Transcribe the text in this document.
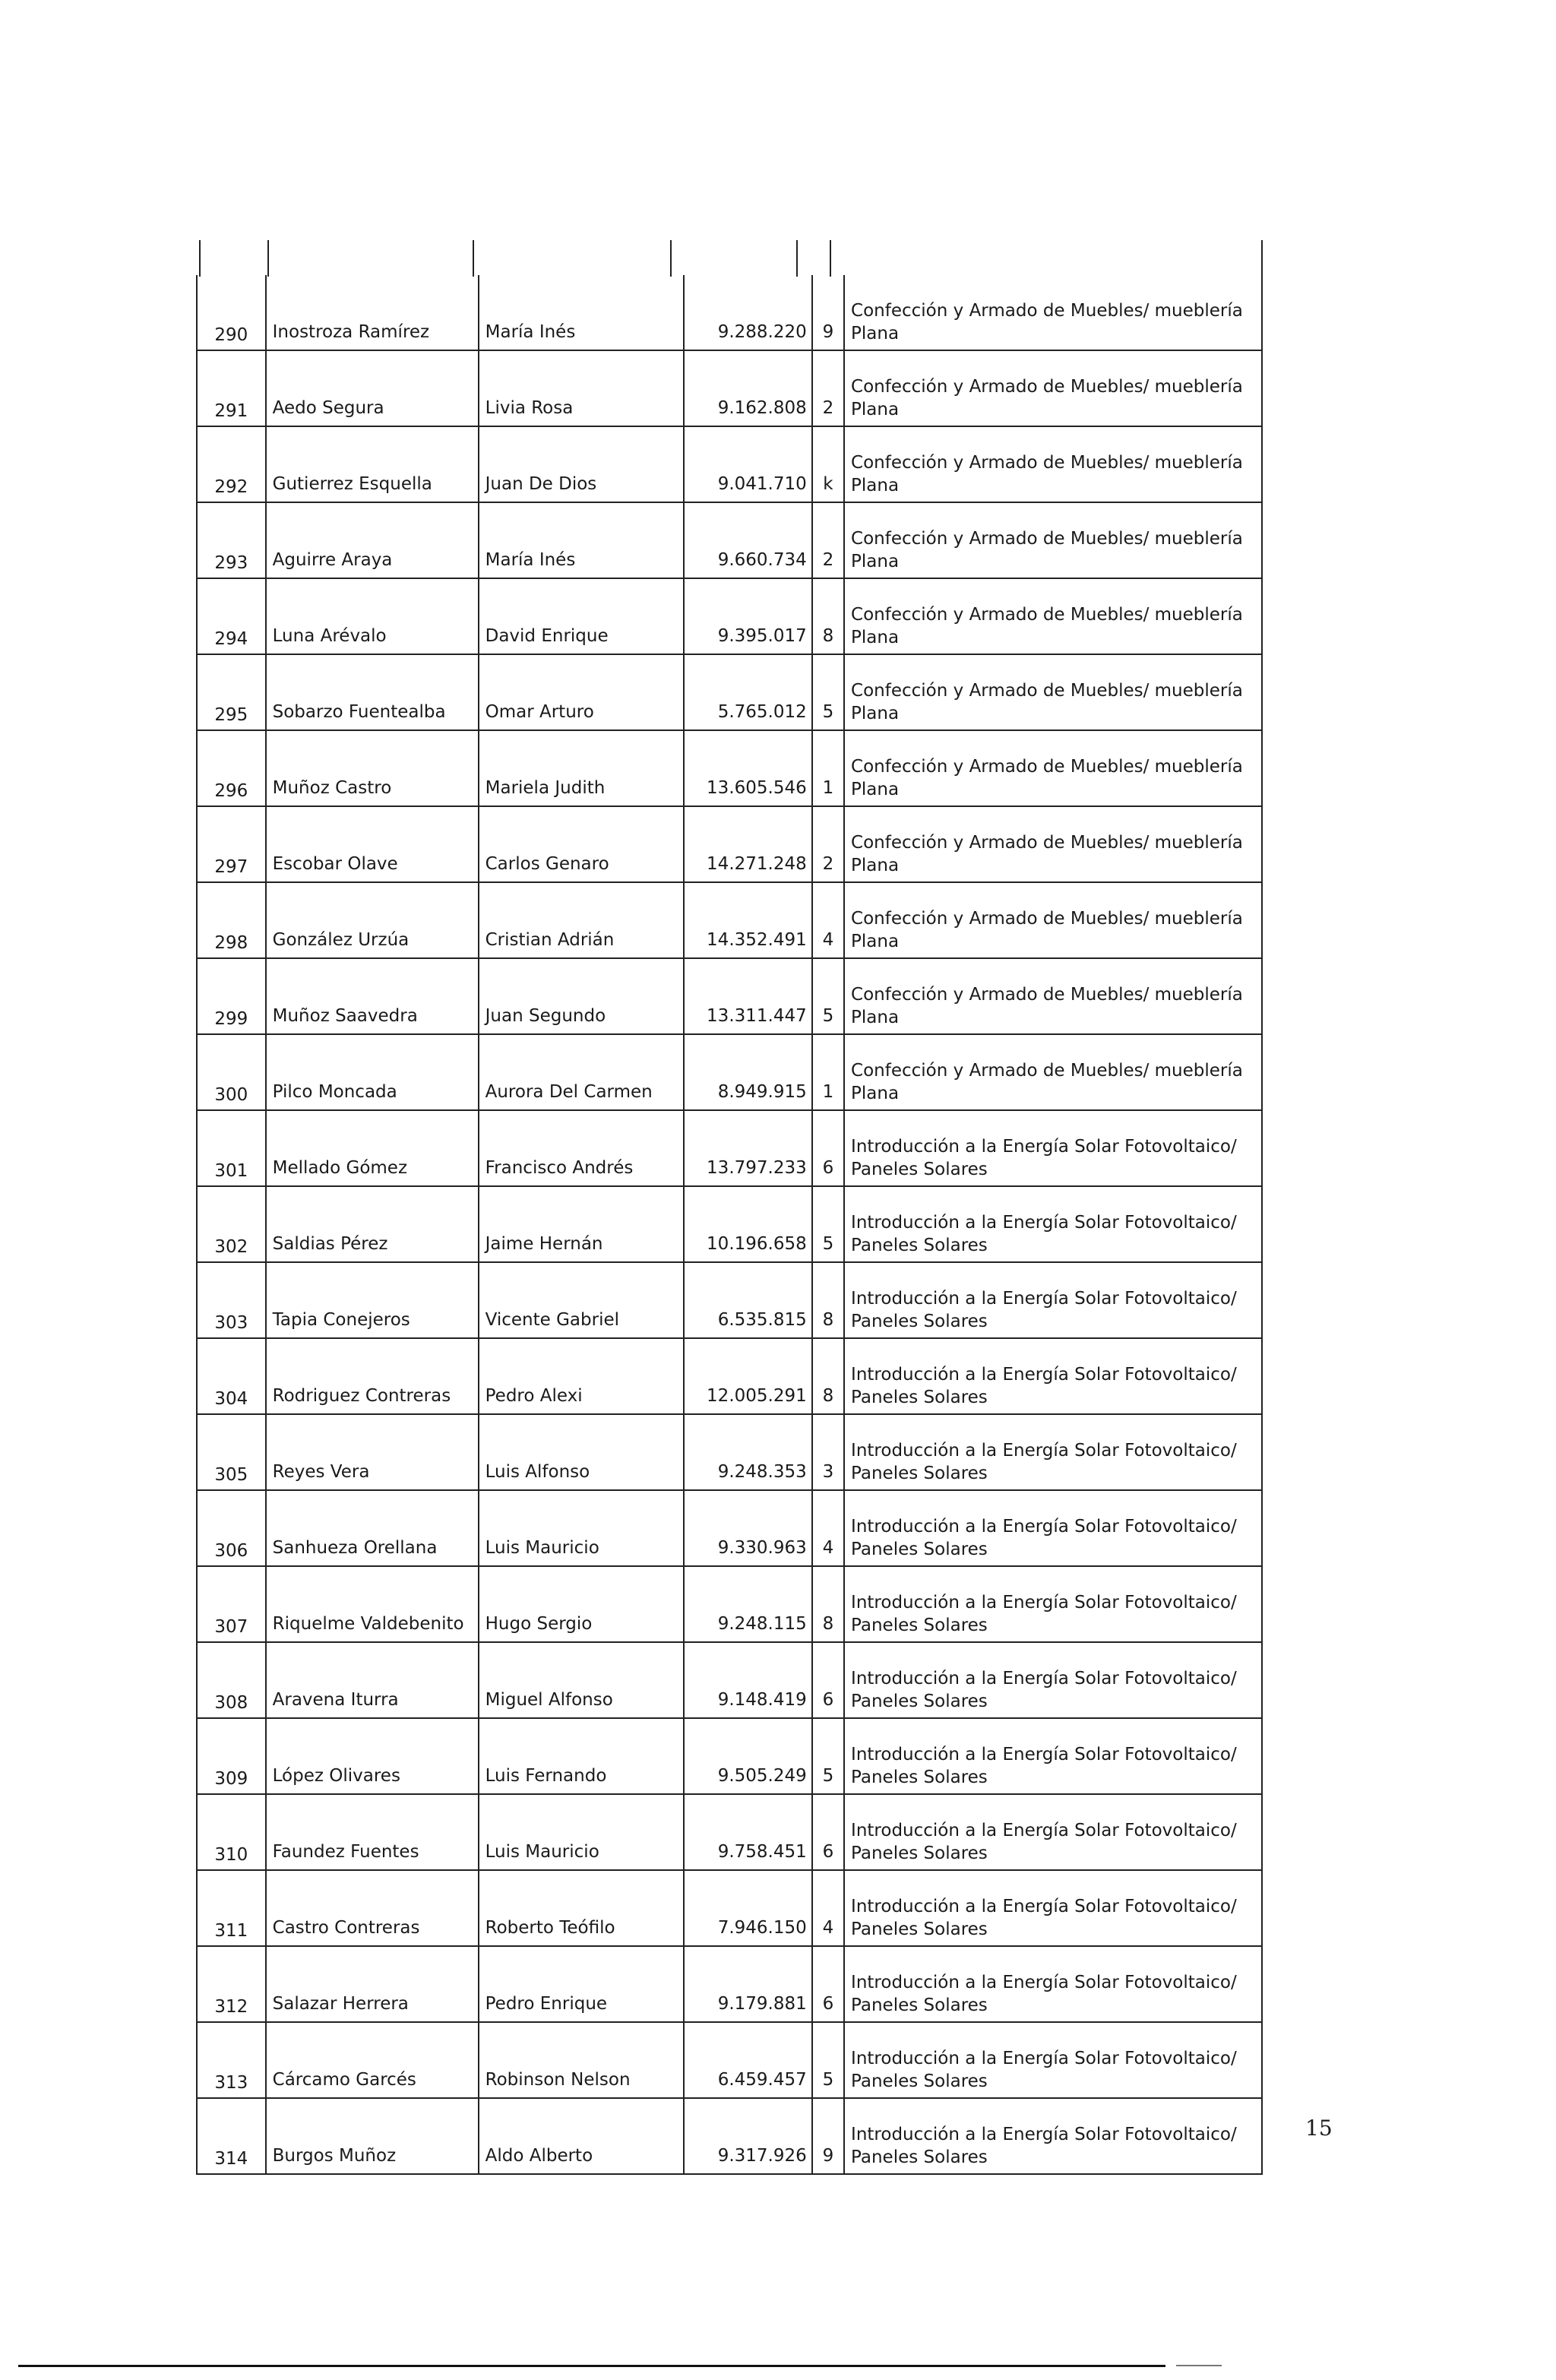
290	Inostroza Ramírez	María Inés	9.288.220	9	Confección y Armado de Muebles/ mueblería
Plana

291	Aedo Segura	Livia Rosa	9.162.808	2	Confección y Armado de Muebles/ mueblería
Plana

292	Gutierrez Esquella	Juan De Dios	9.041.710	k	Confección y Armado de Muebles/ mueblería
Plana

293	Aguirre Araya	María Inés	9.660.734	2	Confección y Armado de Muebles/ mueblería
Plana

294	Luna Arévalo	David Enrique	9.395.017	8	Confección y Armado de Muebles/ mueblería
Plana

295	Sobarzo Fuentealba	Omar Arturo	5.765.012	5	Confección y Armado de Muebles/ mueblería
Plana

296	Muñoz Castro	Mariela Judith	13.605.546	1	Confección y Armado de Muebles/ mueblería
Plana

297	Escobar Olave	Carlos Genaro	14.271.248	2	Confección y Armado de Muebles/ mueblería
Plana

298	González Urzúa	Cristian Adrián	14.352.491	4	Confección y Armado de Muebles/ mueblería
Plana

299	Muñoz Saavedra	Juan Segundo	13.311.447	5	Confección y Armado de Muebles/ mueblería
Plana

300	Pilco Moncada	Aurora Del Carmen	8.949.915	1	Confección y Armado de Muebles/ mueblería
Plana

301	Mellado Gómez	Francisco Andrés	13.797.233	6	Introducción a la Energía Solar Fotovoltaico/
Paneles Solares

302	Saldias Pérez	Jaime Hernán	10.196.658	5	Introducción a la Energía Solar Fotovoltaico/
Paneles Solares

303	Tapia Conejeros	Vicente Gabriel	6.535.815	8	Introducción a la Energía Solar Fotovoltaico/
Paneles Solares

304	Rodriguez Contreras	Pedro Alexi	12.005.291	8	Introducción a la Energía Solar Fotovoltaico/
Paneles Solares

305	Reyes Vera	Luis Alfonso	9.248.353	3	Introducción a la Energía Solar Fotovoltaico/
Paneles Solares

306	Sanhueza Orellana	Luis Mauricio	9.330.963	4	Introducción a la Energía Solar Fotovoltaico/
Paneles Solares

307	Riquelme Valdebenito	Hugo Sergio	9.248.115	8	Introducción a la Energía Solar Fotovoltaico/
Paneles Solares

308	Aravena Iturra	Miguel Alfonso	9.148.419	6	Introducción a la Energía Solar Fotovoltaico/
Paneles Solares

309	López Olivares	Luis Fernando	9.505.249	5	Introducción a la Energía Solar Fotovoltaico/
Paneles Solares

310	Faundez Fuentes	Luis Mauricio	9.758.451	6	Introducción a la Energía Solar Fotovoltaico/
Paneles Solares

311	Castro Contreras	Roberto Teófilo	7.946.150	4	Introducción a la Energía Solar Fotovoltaico/
Paneles Solares

312	Salazar Herrera	Pedro Enrique	9.179.881	6	Introducción a la Energía Solar Fotovoltaico/
Paneles Solares

313	Cárcamo Garcés	Robinson Nelson	6.459.457	5	Introducción a la Energía Solar Fotovoltaico/
Paneles Solares

314	Burgos Muñoz	Aldo Alberto	9.317.926	9	Introducción a la Energía Solar Fotovoltaico/
Paneles Solares
15
